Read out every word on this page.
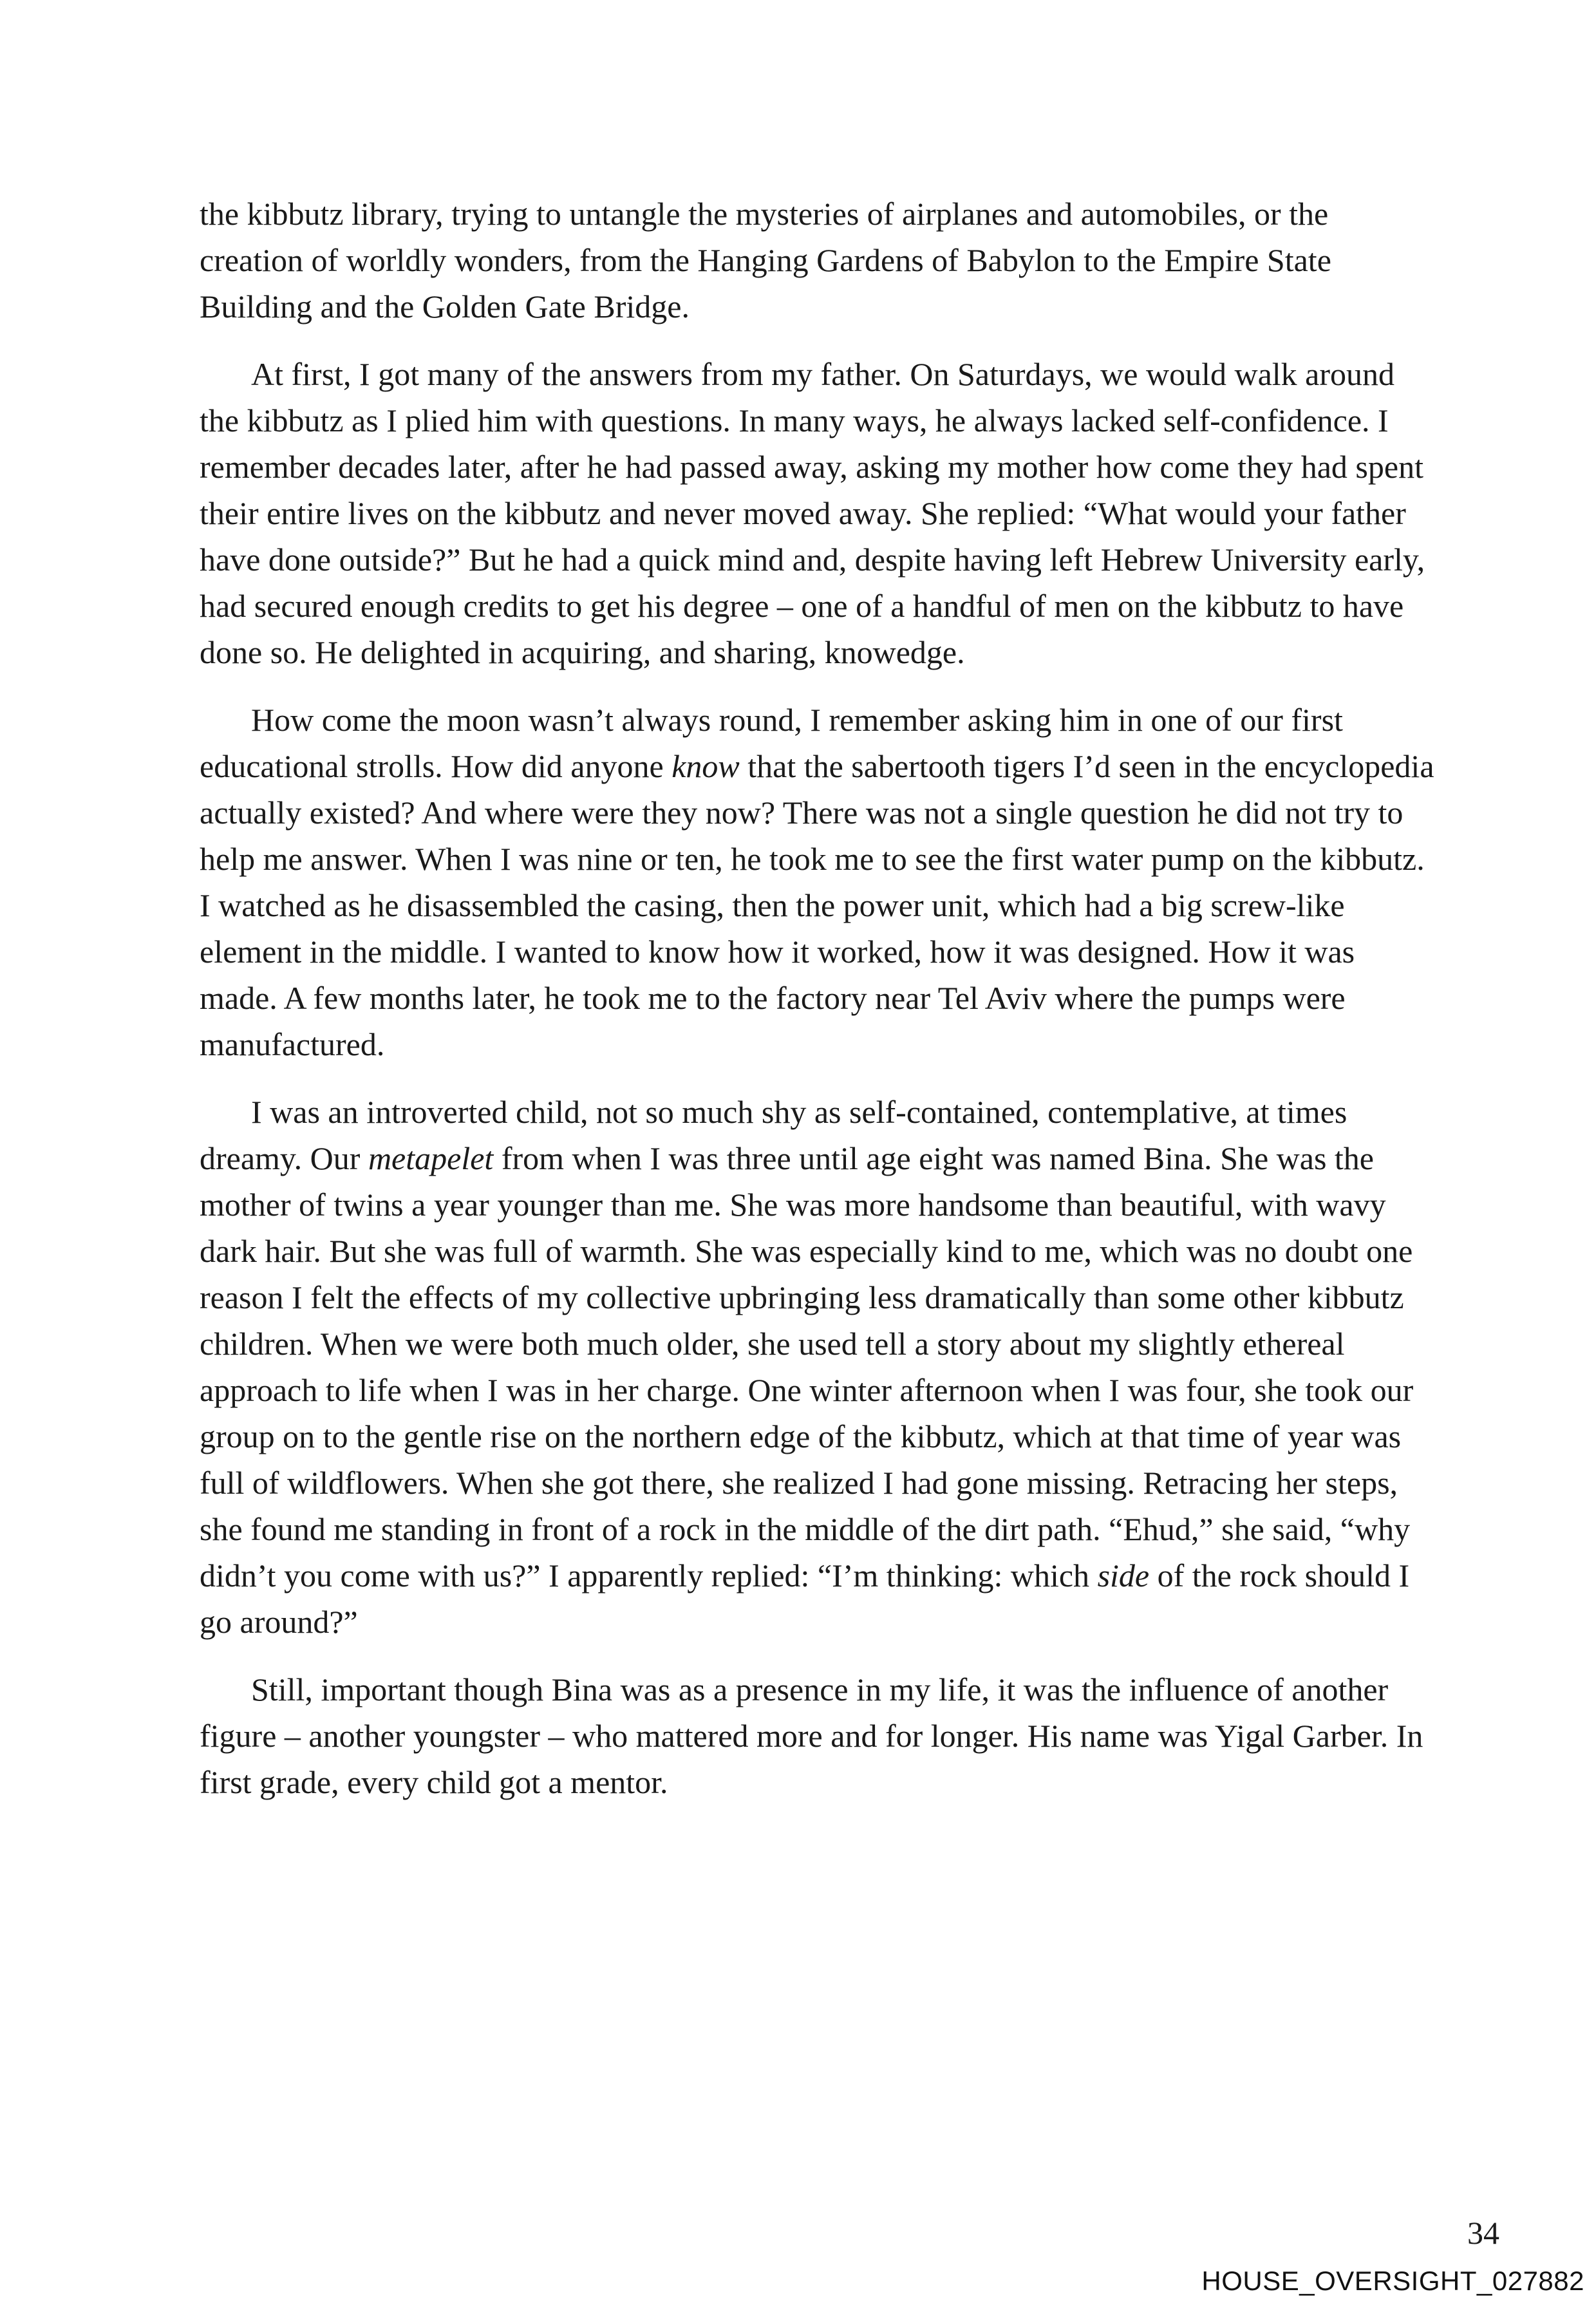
the kibbutz library, trying to untangle the mysteries of airplanes and automobiles, or the creation of worldly wonders, from the Hanging Gardens of Babylon to the Empire State Building and the Golden Gate Bridge.

At first, I got many of the answers from my father. On Saturdays, we would walk around the kibbutz as I plied him with questions. In many ways, he always lacked self-confidence. I remember decades later, after he had passed away, asking my mother how come they had spent their entire lives on the kibbutz and never moved away. She replied: “What would your father have done outside?” But he had a quick mind and, despite having left Hebrew University early, had secured enough credits to get his degree – one of a handful of men on the kibbutz to have done so. He delighted in acquiring, and sharing, knowedge.

How come the moon wasn’t always round, I remember asking him in one of our first educational strolls. How did anyone know that the sabertooth tigers I’d seen in the encyclopedia actually existed? And where were they now? There was not a single question he did not try to help me answer. When I was nine or ten, he took me to see the first water pump on the kibbutz. I watched as he disassembled the casing, then the power unit, which had a big screw-like element in the middle. I wanted to know how it worked, how it was designed. How it was made. A few months later, he took me to the factory near Tel Aviv where the pumps were manufactured.

I was an introverted child, not so much shy as self-contained, contemplative, at times dreamy. Our metapelet from when I was three until age eight was named Bina. She was the mother of twins a year younger than me. She was more handsome than beautiful, with wavy dark hair. But she was full of warmth. She was especially kind to me, which was no doubt one reason I felt the effects of my collective upbringing less dramatically than some other kibbutz children. When we were both much older, she used tell a story about my slightly ethereal approach to life when I was in her charge. One winter afternoon when I was four, she took our group on to the gentle rise on the northern edge of the kibbutz, which at that time of year was full of wildflowers. When she got there, she realized I had gone missing. Retracing her steps, she found me standing in front of a rock in the middle of the dirt path. “Ehud,” she said, “why didn’t you come with us?” I apparently replied: “I’m thinking: which side of the rock should I go around?”

Still, important though Bina was as a presence in my life, it was the influence of another figure – another youngster – who mattered more and for longer. His name was Yigal Garber. In first grade, every child got a mentor.

34
HOUSE_OVERSIGHT_027882
